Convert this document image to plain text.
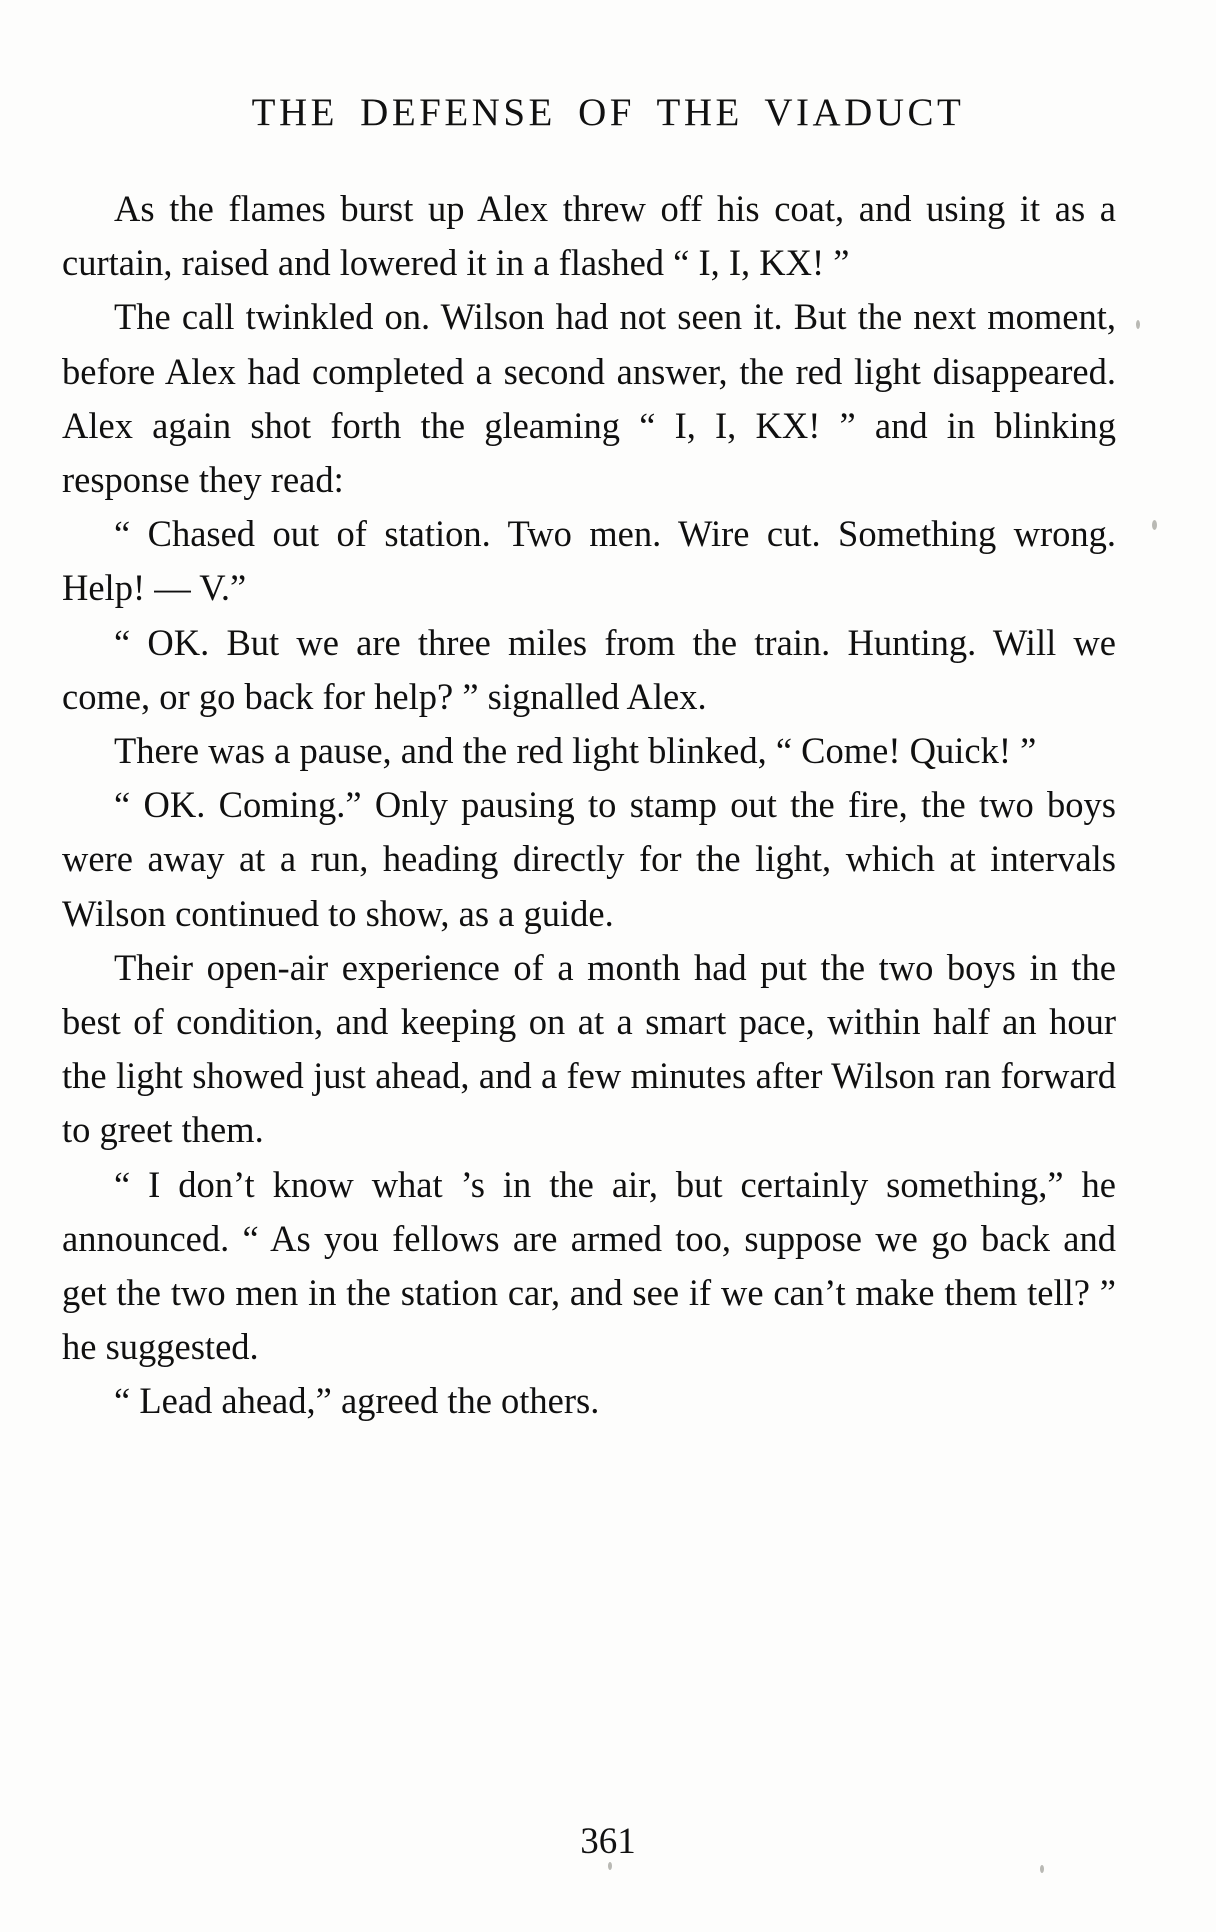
THE DEFENSE OF THE VIADUCT

As the flames burst up Alex threw off his coat, and using it as a curtain, raised and lowered it in a flashed “ I, I, KX! ”

The call twinkled on. Wilson had not seen it. But the next moment, before Alex had completed a second answer, the red light disappeared. Alex again shot forth the gleaming “ I, I, KX! ” and in blinking response they read:

“ Chased out of station. Two men. Wire cut. Something wrong. Help! — V.”

“ OK. But we are three miles from the train. Hunting. Will we come, or go back for help? ” signalled Alex.

There was a pause, and the red light blinked, “ Come! Quick! ”

“ OK. Coming.” Only pausing to stamp out the fire, the two boys were away at a run, heading directly for the light, which at intervals Wilson continued to show, as a guide.

Their open-air experience of a month had put the two boys in the best of condition, and keeping on at a smart pace, within half an hour the light showed just ahead, and a few minutes after Wilson ran forward to greet them.

“ I don’t know what ’s in the air, but certainly something,” he announced. “ As you fellows are armed too, suppose we go back and get the two men in the station car, and see if we can’t make them tell? ” he suggested.

“ Lead ahead,” agreed the others.

361
